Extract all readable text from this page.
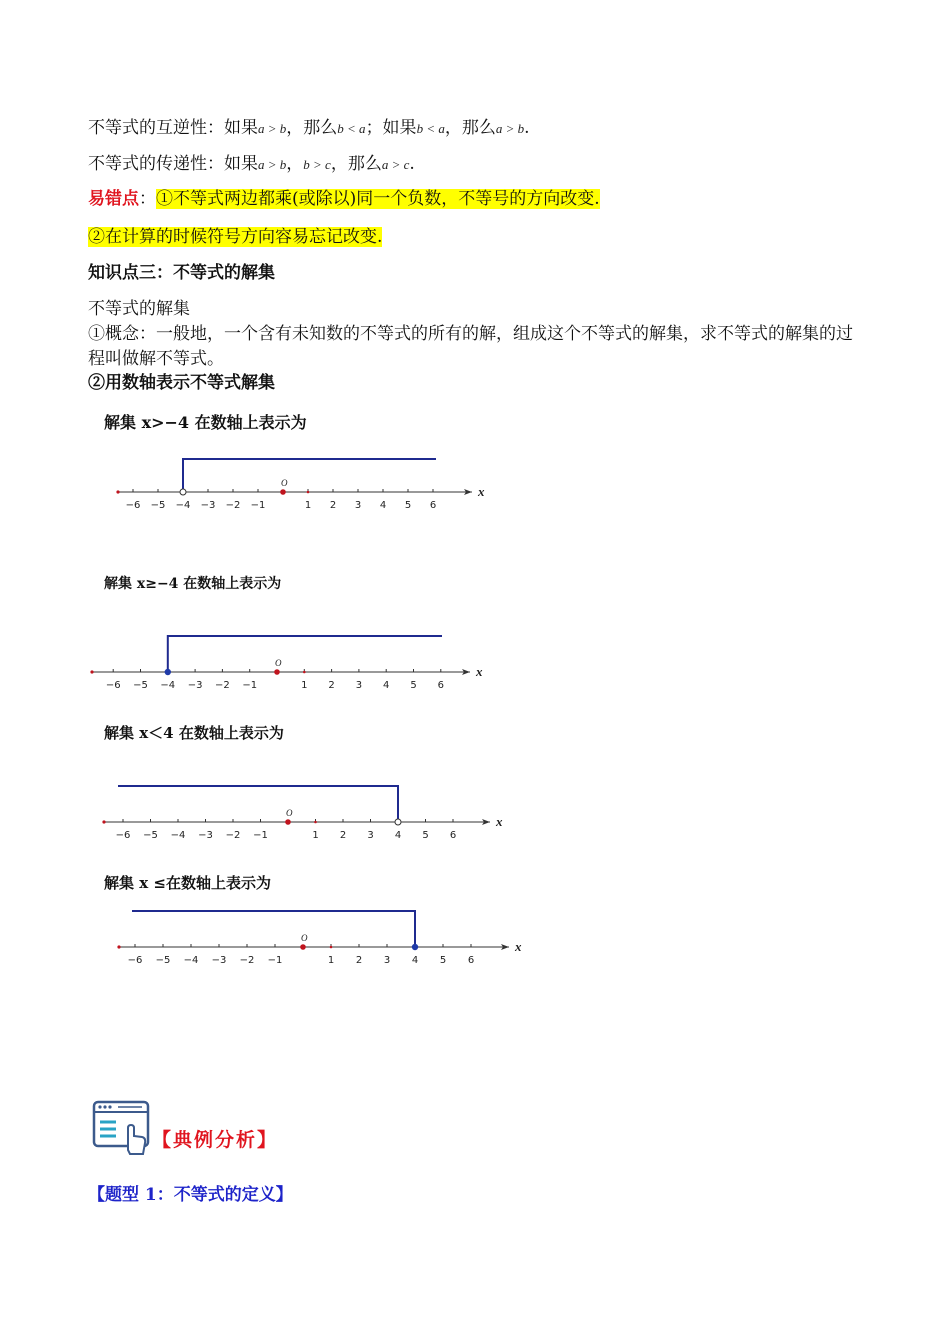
不等式的互逆性：如果a > b，那么b < a；如果b < a，那么a > b.
不等式的传递性：如果a > b，b > c，那么a > c.
易错点：①不等式两边都乘(或除以)同一个负数，不等号的方向改变.
②在计算的时候符号方向容易忘记改变.
知识点三：不等式的解集
不等式的解集
①概念：一般地，一个含有未知数的不等式的所有的解，组成这个不等式的解集，求不等式的解集的过程叫做解不等式。
②用数轴表示不等式解集
解集 x>−4 在数轴上表示为
解集 x≥−4 在数轴上表示为
解集 x＜4 在数轴上表示为
解集 x ≤在数轴上表示为
x
−6 −5 −4 −3 −2 −1	1 2 3 4 5 6
O
x
−6 −5 −4 −3 −2 −1	1 2 3 4 5 6
O
x
−6 −5 −4 −3 −2 −1	1 2 3 4 5 6
O
x
−6 −5 −4 −3 −2 −1	1 2 3 4 5 6
O
【典例分析】
【题型 1：不等式的定义】
